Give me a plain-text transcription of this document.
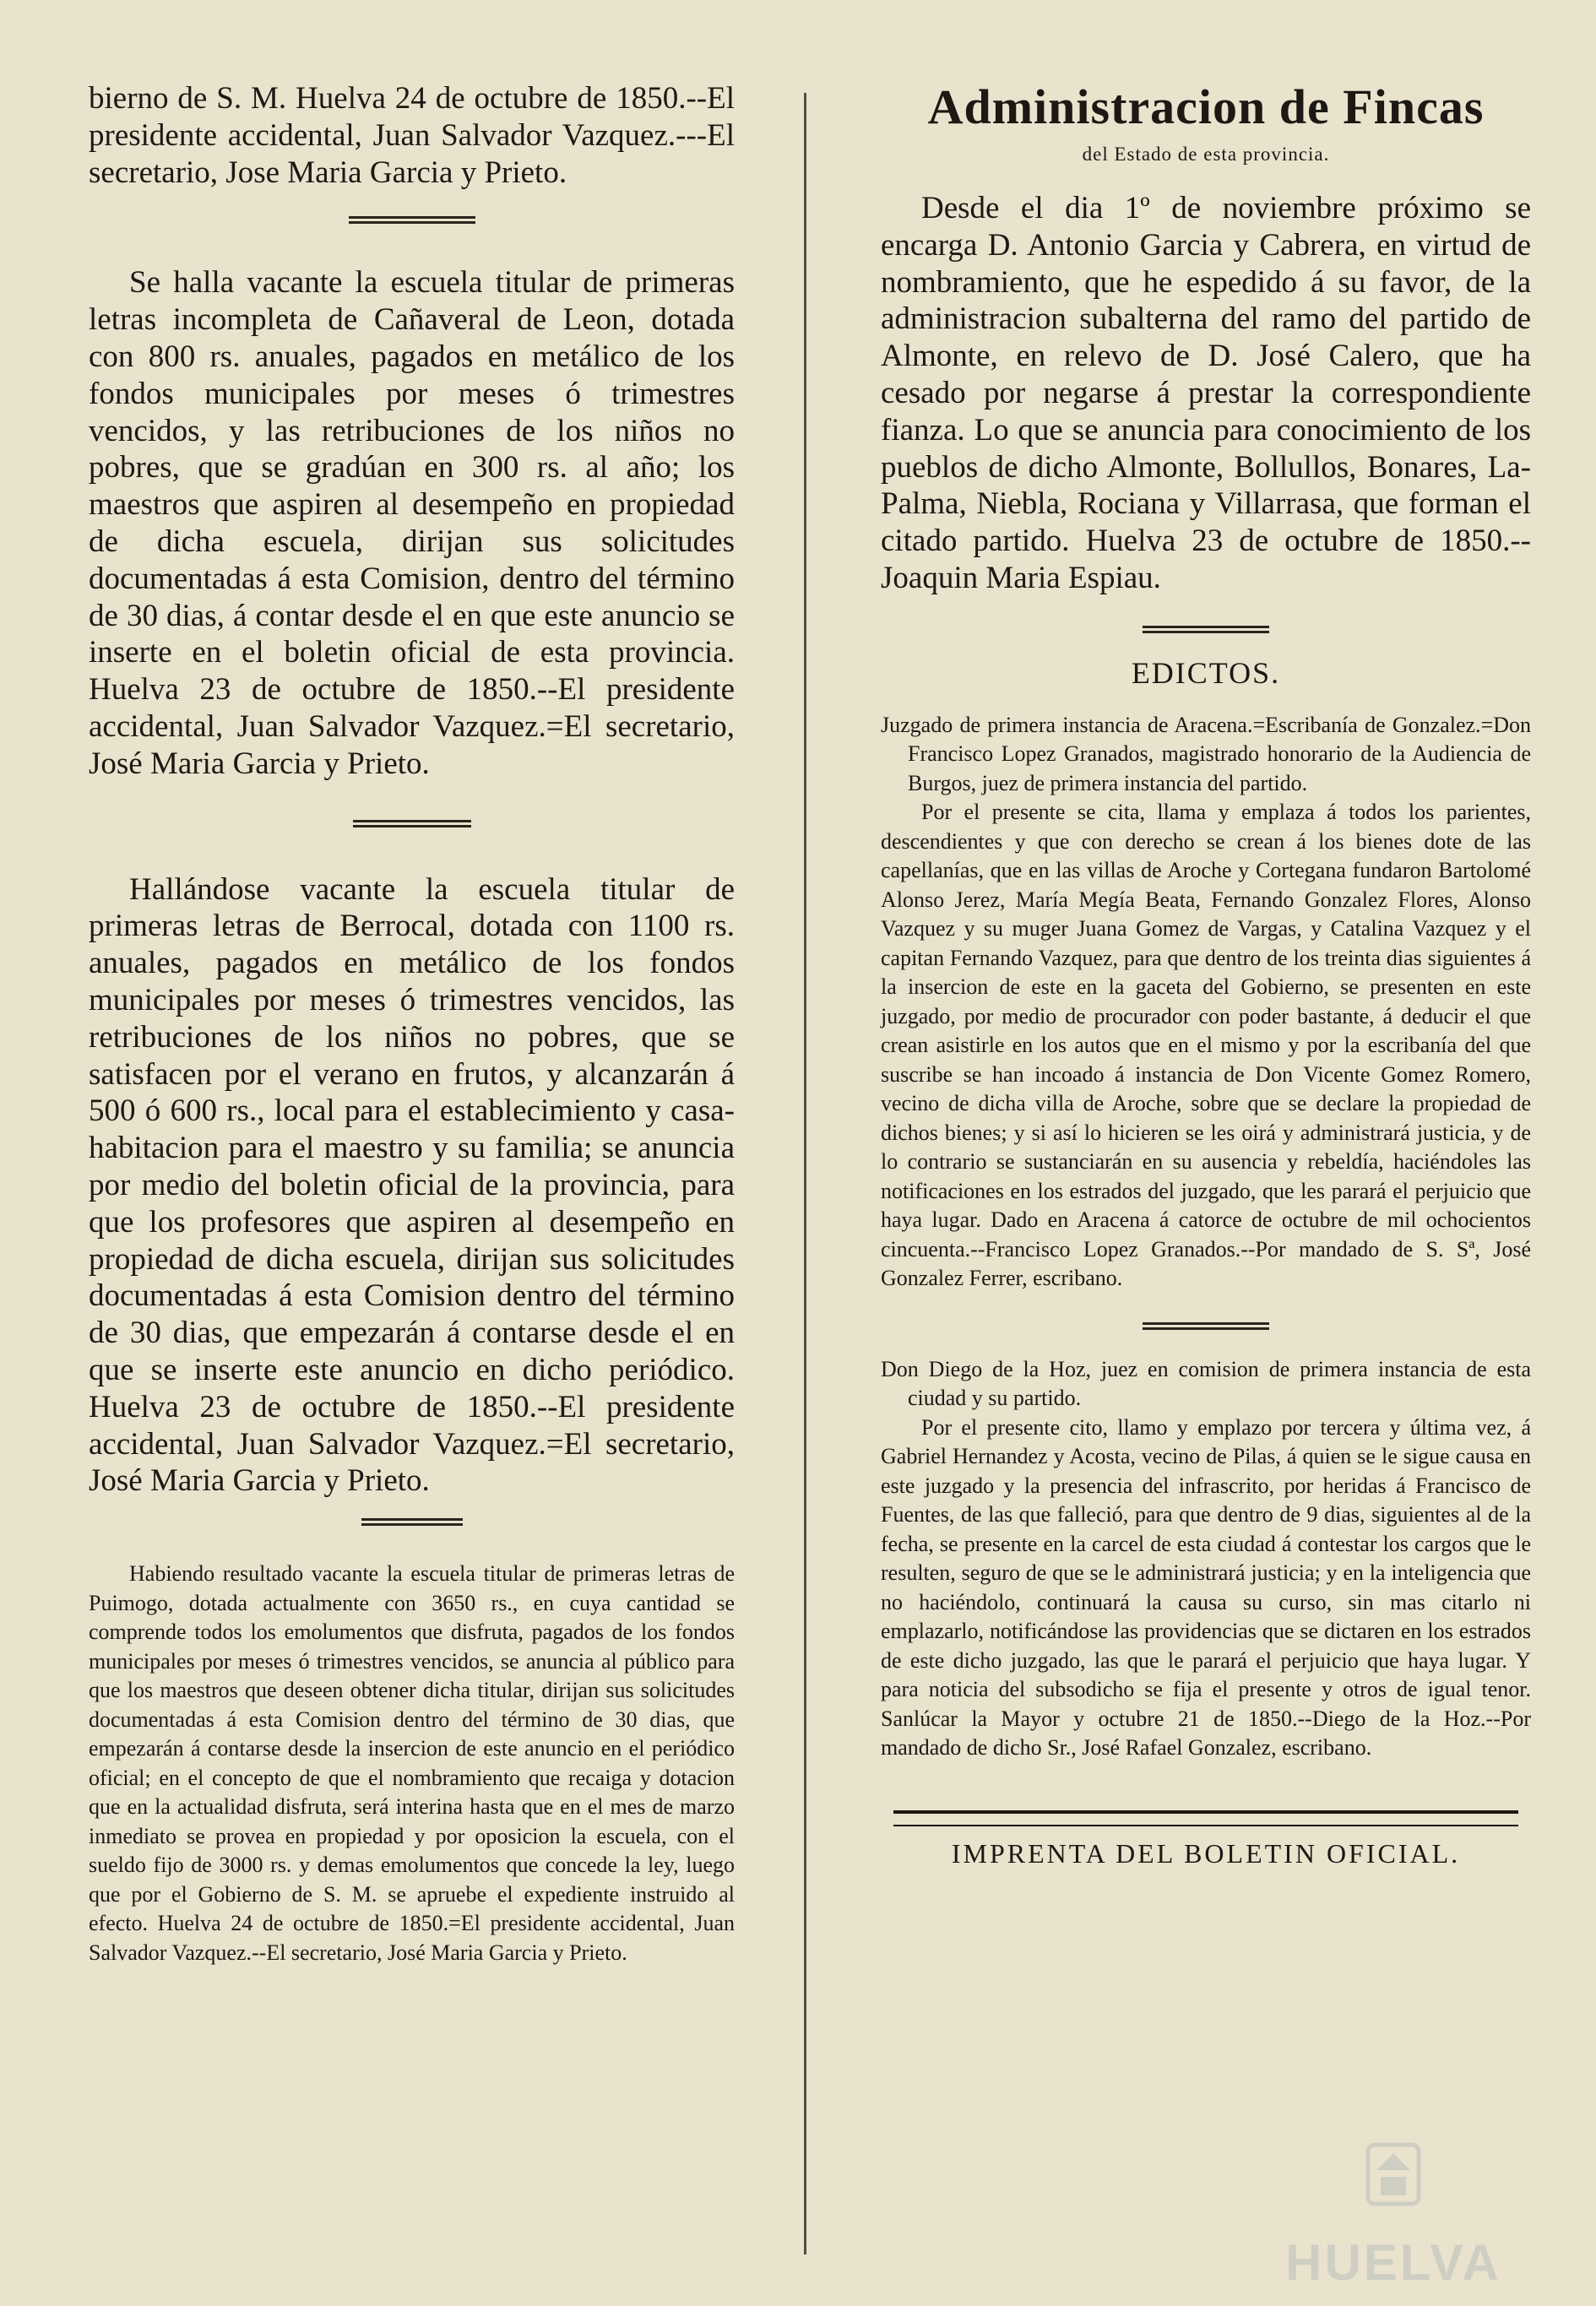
bierno de S. M. Huelva 24 de octubre de 1850.--El presidente accidental, Juan Salvador Vazquez.---El secretario, Jose Maria Garcia y Prieto.

Se halla vacante la escuela titular de primeras letras incompleta de Cañaveral de Leon, dotada con 800 rs. anuales, pagados en metálico de los fondos municipales por meses ó trimestres vencidos, y las retribuciones de los niños no pobres, que se gradúan en 300 rs. al año; los maestros que aspiren al desempeño en propiedad de dicha escuela, dirijan sus solicitudes documentadas á esta Comision, dentro del término de 30 dias, á contar desde el en que este anuncio se inserte en el boletin oficial de esta provincia. Huelva 23 de octubre de 1850.--El presidente accidental, Juan Salvador Vazquez.=El secretario, José Maria Garcia y Prieto.

Hallándose vacante la escuela titular de primeras letras de Berrocal, dotada con 1100 rs. anuales, pagados en metálico de los fondos municipales por meses ó trimestres vencidos, las retribuciones de los niños no pobres, que se satisfacen por el verano en frutos, y alcanzarán á 500 ó 600 rs., local para el establecimiento y casa-habitacion para el maestro y su familia; se anuncia por medio del boletin oficial de la provincia, para que los profesores que aspiren al desempeño en propiedad de dicha escuela, dirijan sus solicitudes documentadas á esta Comision dentro del término de 30 dias, que empezarán á contarse desde el en que se inserte este anuncio en dicho periódico. Huelva 23 de octubre de 1850.--El presidente accidental, Juan Salvador Vazquez.=El secretario, José Maria Garcia y Prieto.

Habiendo resultado vacante la escuela titular de primeras letras de Puimogo, dotada actualmente con 3650 rs., en cuya cantidad se comprende todos los emolumentos que disfruta, pagados de los fondos municipales por meses ó trimestres vencidos, se anuncia al público para que los maestros que deseen obtener dicha titular, dirijan sus solicitudes documentadas á esta Comision dentro del término de 30 dias, que empezarán á contarse desde la insercion de este anuncio en el periódico oficial; en el concepto de que el nombramiento que recaiga y dotacion que en la actualidad disfruta, será interina hasta que en el mes de marzo inmediato se provea en propiedad y por oposicion la escuela, con el sueldo fijo de 3000 rs. y demas emolumentos que concede la ley, luego que por el Gobierno de S. M. se apruebe el expediente instruido al efecto. Huelva 24 de octubre de 1850.=El presidente accidental, Juan Salvador Vazquez.--El secretario, José Maria Garcia y Prieto.

Administracion de Fincas
del Estado de esta provincia.

Desde el dia 1º de noviembre próximo se encarga D. Antonio Garcia y Cabrera, en virtud de nombramiento, que he espedido á su favor, de la administracion subalterna del ramo del partido de Almonte, en relevo de D. José Calero, que ha cesado por negarse á prestar la correspondiente fianza. Lo que se anuncia para conocimiento de los pueblos de dicho Almonte, Bollullos, Bonares, La-Palma, Niebla, Rociana y Villarrasa, que forman el citado partido. Huelva 23 de octubre de 1850.--Joaquin Maria Espiau.

EDICTOS.

Juzgado de primera instancia de Aracena.=Escribanía de Gonzalez.=Don Francisco Lopez Granados, magistrado honorario de la Audiencia de Burgos, juez de primera instancia del partido.

Por el presente se cita, llama y emplaza á todos los parientes, descendientes y que con derecho se crean á los bienes dote de las capellanías, que en las villas de Aroche y Cortegana fundaron Bartolomé Alonso Jerez, María Megía Beata, Fernando Gonzalez Flores, Alonso Vazquez y su muger Juana Gomez de Vargas, y Catalina Vazquez y el capitan Fernando Vazquez, para que dentro de los treinta dias siguientes á la insercion de este en la gaceta del Gobierno, se presenten en este juzgado, por medio de procurador con poder bastante, á deducir el que crean asistirle en los autos que en el mismo y por la escribanía del que suscribe se han incoado á instancia de Don Vicente Gomez Romero, vecino de dicha villa de Aroche, sobre que se declare la propiedad de dichos bienes; y si así lo hicieren se les oirá y administrará justicia, y de lo contrario se sustanciarán en su ausencia y rebeldía, haciéndoles las notificaciones en los estrados del juzgado, que les parará el perjuicio que haya lugar. Dado en Aracena á catorce de octubre de mil ochocientos cincuenta.--Francisco Lopez Granados.--Por mandado de S. Sª, José Gonzalez Ferrer, escribano.

Don Diego de la Hoz, juez en comision de primera instancia de esta ciudad y su partido.

Por el presente cito, llamo y emplazo por tercera y última vez, á Gabriel Hernandez y Acosta, vecino de Pilas, á quien se le sigue causa en este juzgado y la presencia del infrascrito, por heridas á Francisco de Fuentes, de las que falleció, para que dentro de 9 dias, siguientes al de la fecha, se presente en la carcel de esta ciudad á contestar los cargos que le resulten, seguro de que se le administrará justicia; y en la inteligencia que no haciéndolo, continuará la causa su curso, sin mas citarlo ni emplazarlo, notificándose las providencias que se dictaren en los estrados de este dicho juzgado, las que le parará el perjuicio que haya lugar. Y para noticia del subsodicho se fija el presente y otros de igual tenor. Sanlúcar la Mayor y octubre 21 de 1850.--Diego de la Hoz.--Por mandado de dicho Sr., José Rafael Gonzalez, escribano.

IMPRENTA DEL BOLETIN OFICIAL.
HUELVA
